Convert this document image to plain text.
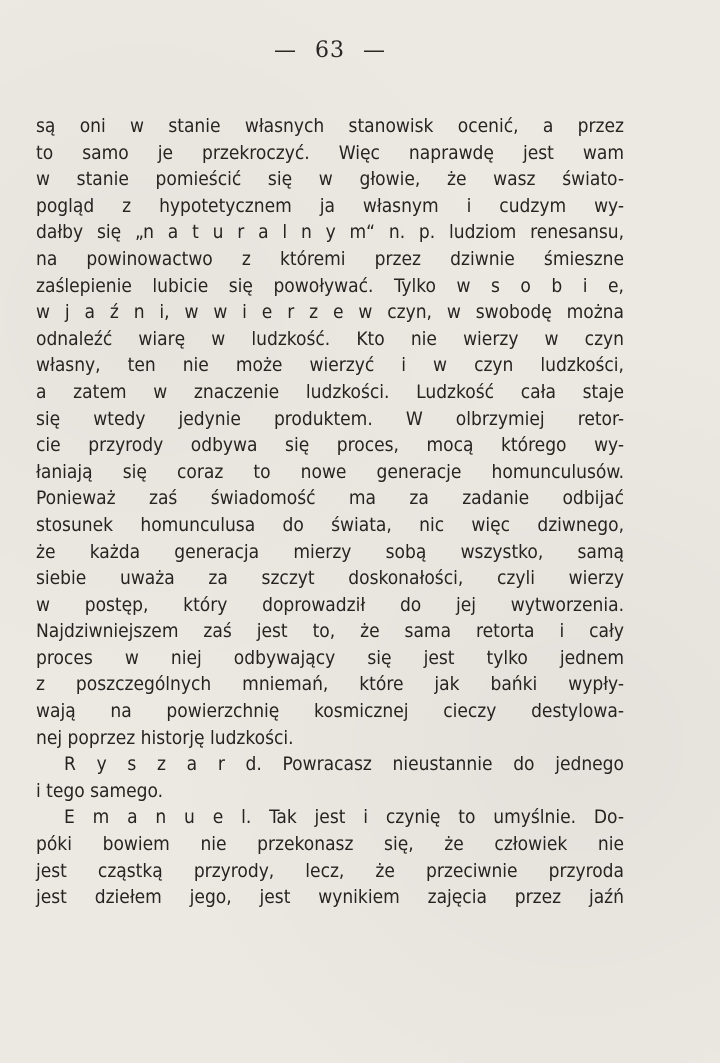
— 63 —
są oni w stanie własnych stanowisk ocenić, a przez
to samo je przekroczyć. Więc naprawdę jest wam
w stanie pomieścić się w głowie, że wasz świato-
pogląd z hypotetycznem ja własnym i cudzym wy-
dałby się „n a t u r a l n y m“ n. p. ludziom renesansu,
na powinowactwo z któremi przez dziwnie śmieszne
zaślepienie lubicie się powoływać. Tylko w s o b i e,
w j a ź n i, w w i e r z e w czyn, w swobodę można
odnaleźć wiarę w ludzkość. Kto nie wierzy w czyn
własny, ten nie może wierzyć i w czyn ludzkości,
a zatem w znaczenie ludzkości. Ludzkość cała staje
się wtedy jedynie produktem. W olbrzymiej retor-
cie przyrody odbywa się proces, mocą którego wy-
łaniają się coraz to nowe generacje homunculusów.
Ponieważ zaś świadomość ma za zadanie odbijać
stosunek homunculusa do świata, nic więc dziwnego,
że każda generacja mierzy sobą wszystko, samą
siebie uważa za szczyt doskonałości, czyli wierzy
w postęp, który doprowadził do jej wytworzenia.
Najdziwniejszem zaś jest to, że sama retorta i cały
proces w niej odbywający się jest tylko jednem
z poszczególnych mniemań, które jak bańki wypły-
wają na powierzchnię kosmicznej cieczy destylowa-
nej poprzez historję ludzkości.
R y s z a r d. Powracasz nieustannie do jednego
i tego samego.
E m a n u e l. Tak jest i czynię to umyślnie. Do-
póki bowiem nie przekonasz się, że człowiek nie
jest cząstką przyrody, lecz, że przeciwnie przyroda
jest dziełem jego, jest wynikiem zajęcia przez jaźń
